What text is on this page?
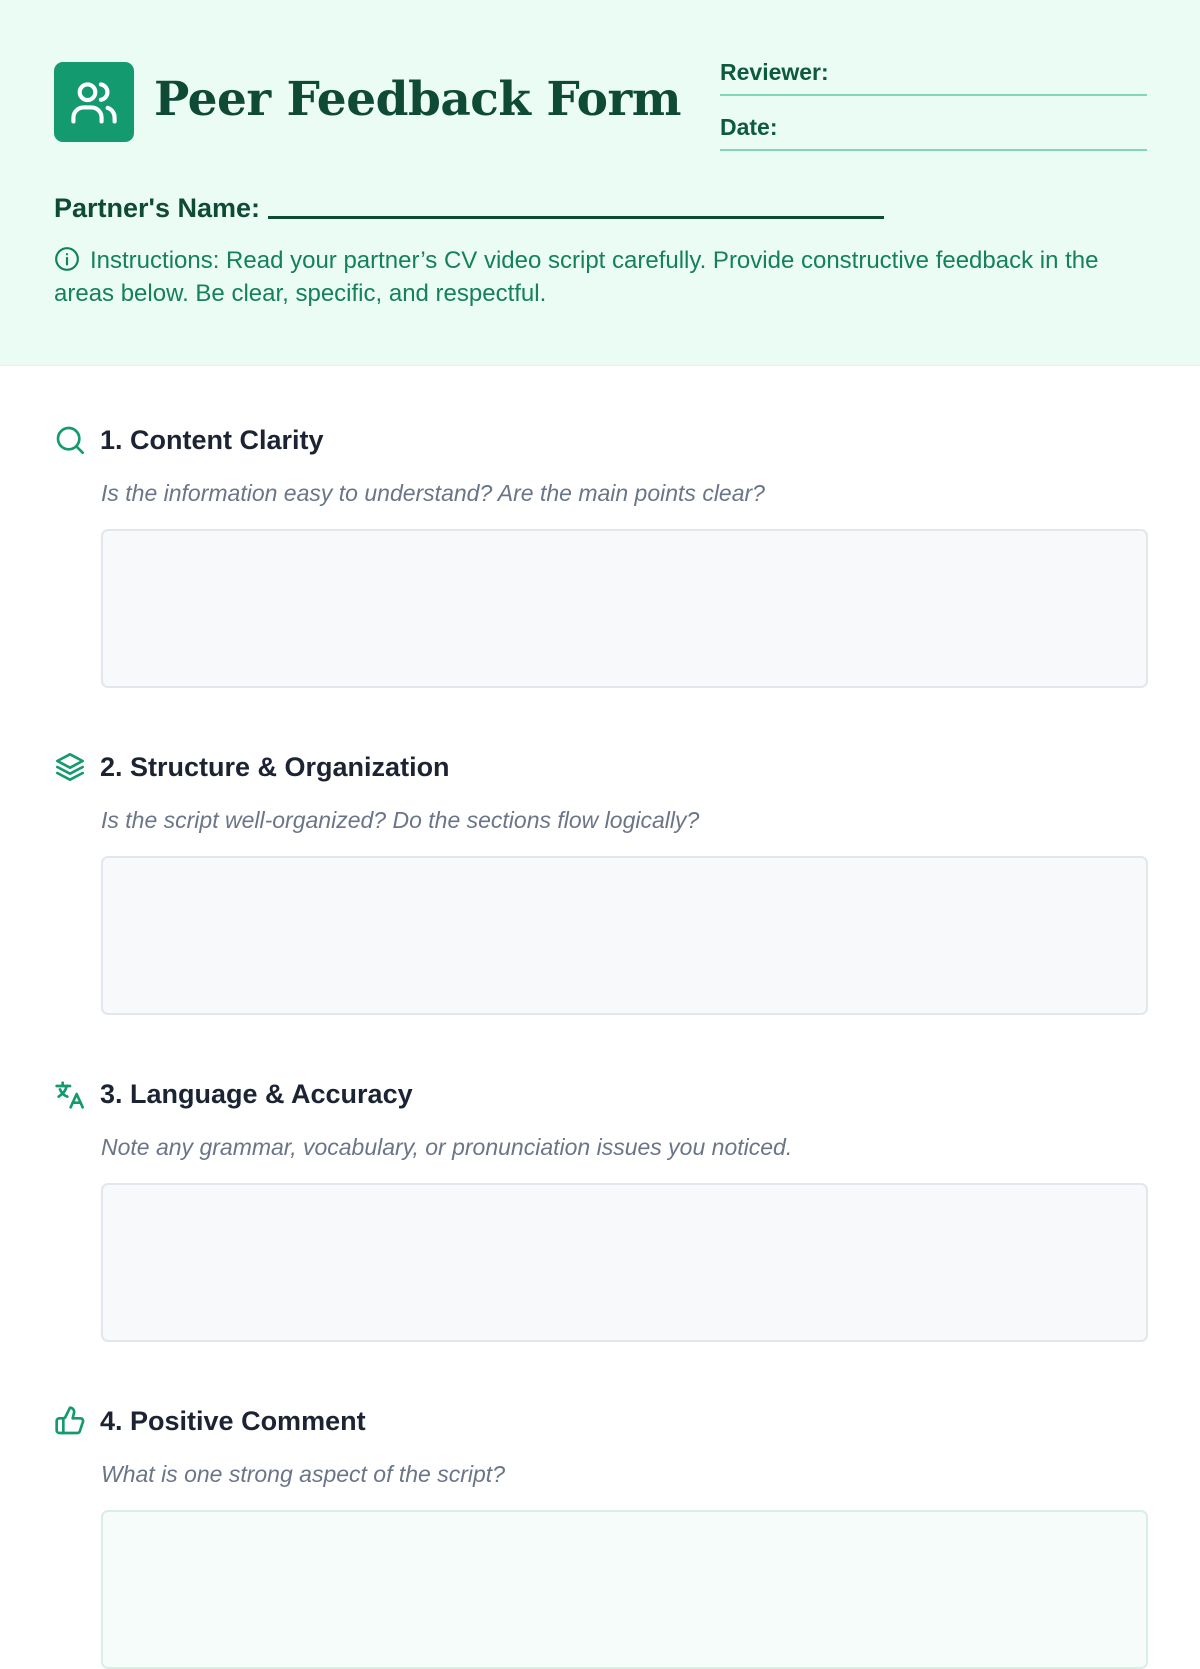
Peer Feedback Form Reviewer:
Date:
Partner's Name:
Instructions: Read your partner’s CV video script carefully. Provide constructive feedback in the areas below. Be clear, specific, and respectful.
1. Content Clarity
Is the information easy to understand? Are the main points clear?
2. Structure & Organization
Is the script well-organized? Do the sections flow logically?
3. Language & Accuracy
Note any grammar, vocabulary, or pronunciation issues you noticed.
4. Positive Comment
What is one strong aspect of the script?
